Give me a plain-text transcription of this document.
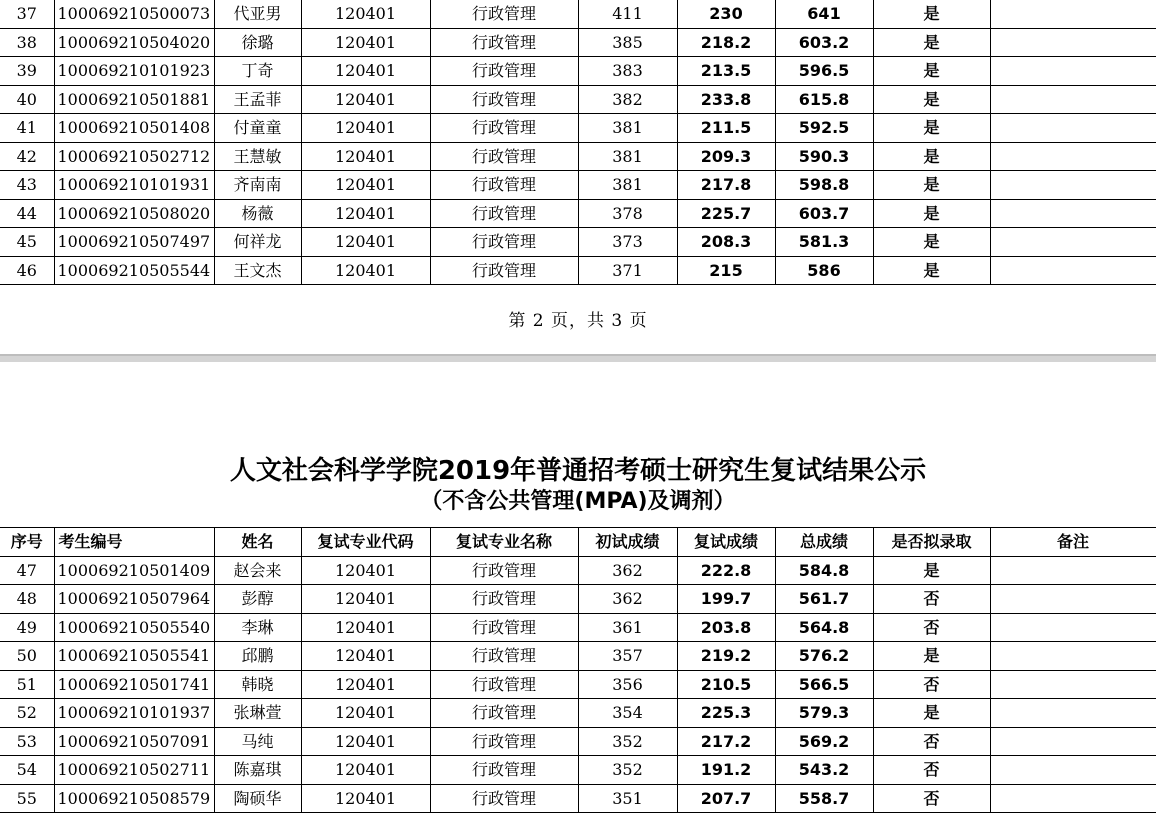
37	100069210500073	代亚男	120401	行政管理	411	230	641	是	
38	100069210504020	徐璐	120401	行政管理	385	218.2	603.2	是	
39	100069210101923	丁奇	120401	行政管理	383	213.5	596.5	是	
40	100069210501881	王孟菲	120401	行政管理	382	233.8	615.8	是	
41	100069210501408	付童童	120401	行政管理	381	211.5	592.5	是	
42	100069210502712	王慧敏	120401	行政管理	381	209.3	590.3	是	
43	100069210101931	齐南南	120401	行政管理	381	217.8	598.8	是	
44	100069210508020	杨薇	120401	行政管理	378	225.7	603.7	是	
45	100069210507497	何祥龙	120401	行政管理	373	208.3	581.3	是	
46	100069210505544	王文杰	120401	行政管理	371	215	586	是	
第 2 页，共 3 页
人文社会科学学院2019年普通招考硕士研究生复试结果公示
（不含公共管理(MPA)及调剂）
序号	考生编号	姓名	复试专业代码	复试专业名称	初试成绩	复试成绩	总成绩	是否拟录取	备注
47	100069210501409	赵会来	120401	行政管理	362	222.8	584.8	是	
48	100069210507964	彭醇	120401	行政管理	362	199.7	561.7	否	
49	100069210505540	李琳	120401	行政管理	361	203.8	564.8	否	
50	100069210505541	邱鹏	120401	行政管理	357	219.2	576.2	是	
51	100069210501741	韩晓	120401	行政管理	356	210.5	566.5	否	
52	100069210101937	张琳萱	120401	行政管理	354	225.3	579.3	是	
53	100069210507091	马纯	120401	行政管理	352	217.2	569.2	否	
54	100069210502711	陈嘉琪	120401	行政管理	352	191.2	543.2	否	
55	100069210508579	陶硕华	120401	行政管理	351	207.7	558.7	否	
